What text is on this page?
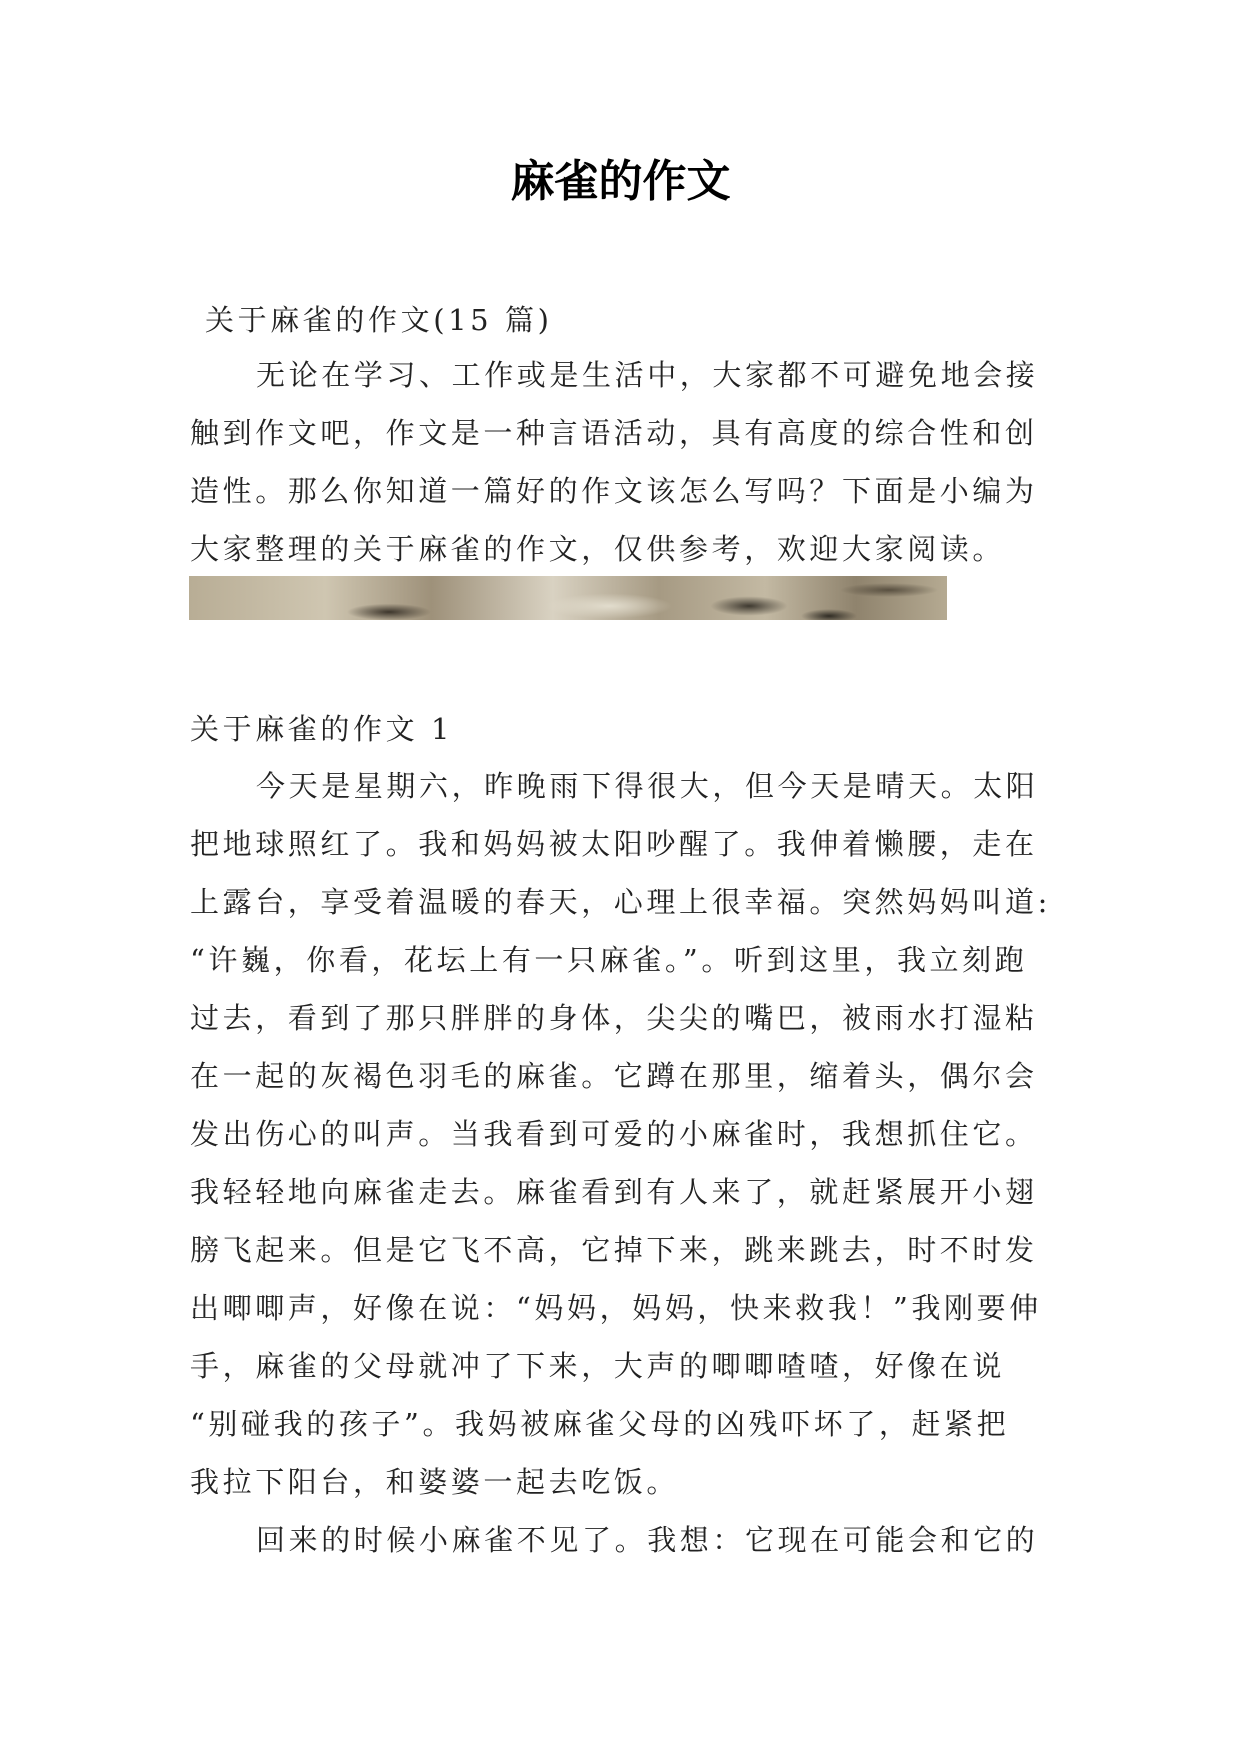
麻雀的作文
关于麻雀的作文(15 篇)
无论在学习、工作或是生活中，大家都不可避免地会接
触到作文吧，作文是一种言语活动，具有高度的综合性和创
造性。那么你知道一篇好的作文该怎么写吗？下面是小编为
大家整理的关于麻雀的作文，仅供参考，欢迎大家阅读。
关于麻雀的作文 1
今天是星期六，昨晚雨下得很大，但今天是晴天。太阳
把地球照红了。我和妈妈被太阳吵醒了。我伸着懒腰，走在
上露台，享受着温暖的春天，心理上很幸福。突然妈妈叫道:
“许巍，你看，花坛上有一只麻雀。”。听到这里，我立刻跑
过去，看到了那只胖胖的身体，尖尖的嘴巴，被雨水打湿粘
在一起的灰褐色羽毛的麻雀。它蹲在那里，缩着头，偶尔会
发出伤心的叫声。当我看到可爱的小麻雀时，我想抓住它。
我轻轻地向麻雀走去。麻雀看到有人来了，就赶紧展开小翅
膀飞起来。但是它飞不高，它掉下来，跳来跳去，时不时发
出唧唧声，好像在说：“妈妈，妈妈，快来救我！”我刚要伸
手，麻雀的父母就冲了下来，大声的唧唧喳喳，好像在说
“别碰我的孩子”。我妈被麻雀父母的凶残吓坏了，赶紧把
我拉下阳台，和婆婆一起去吃饭。
回来的时候小麻雀不见了。我想：它现在可能会和它的
